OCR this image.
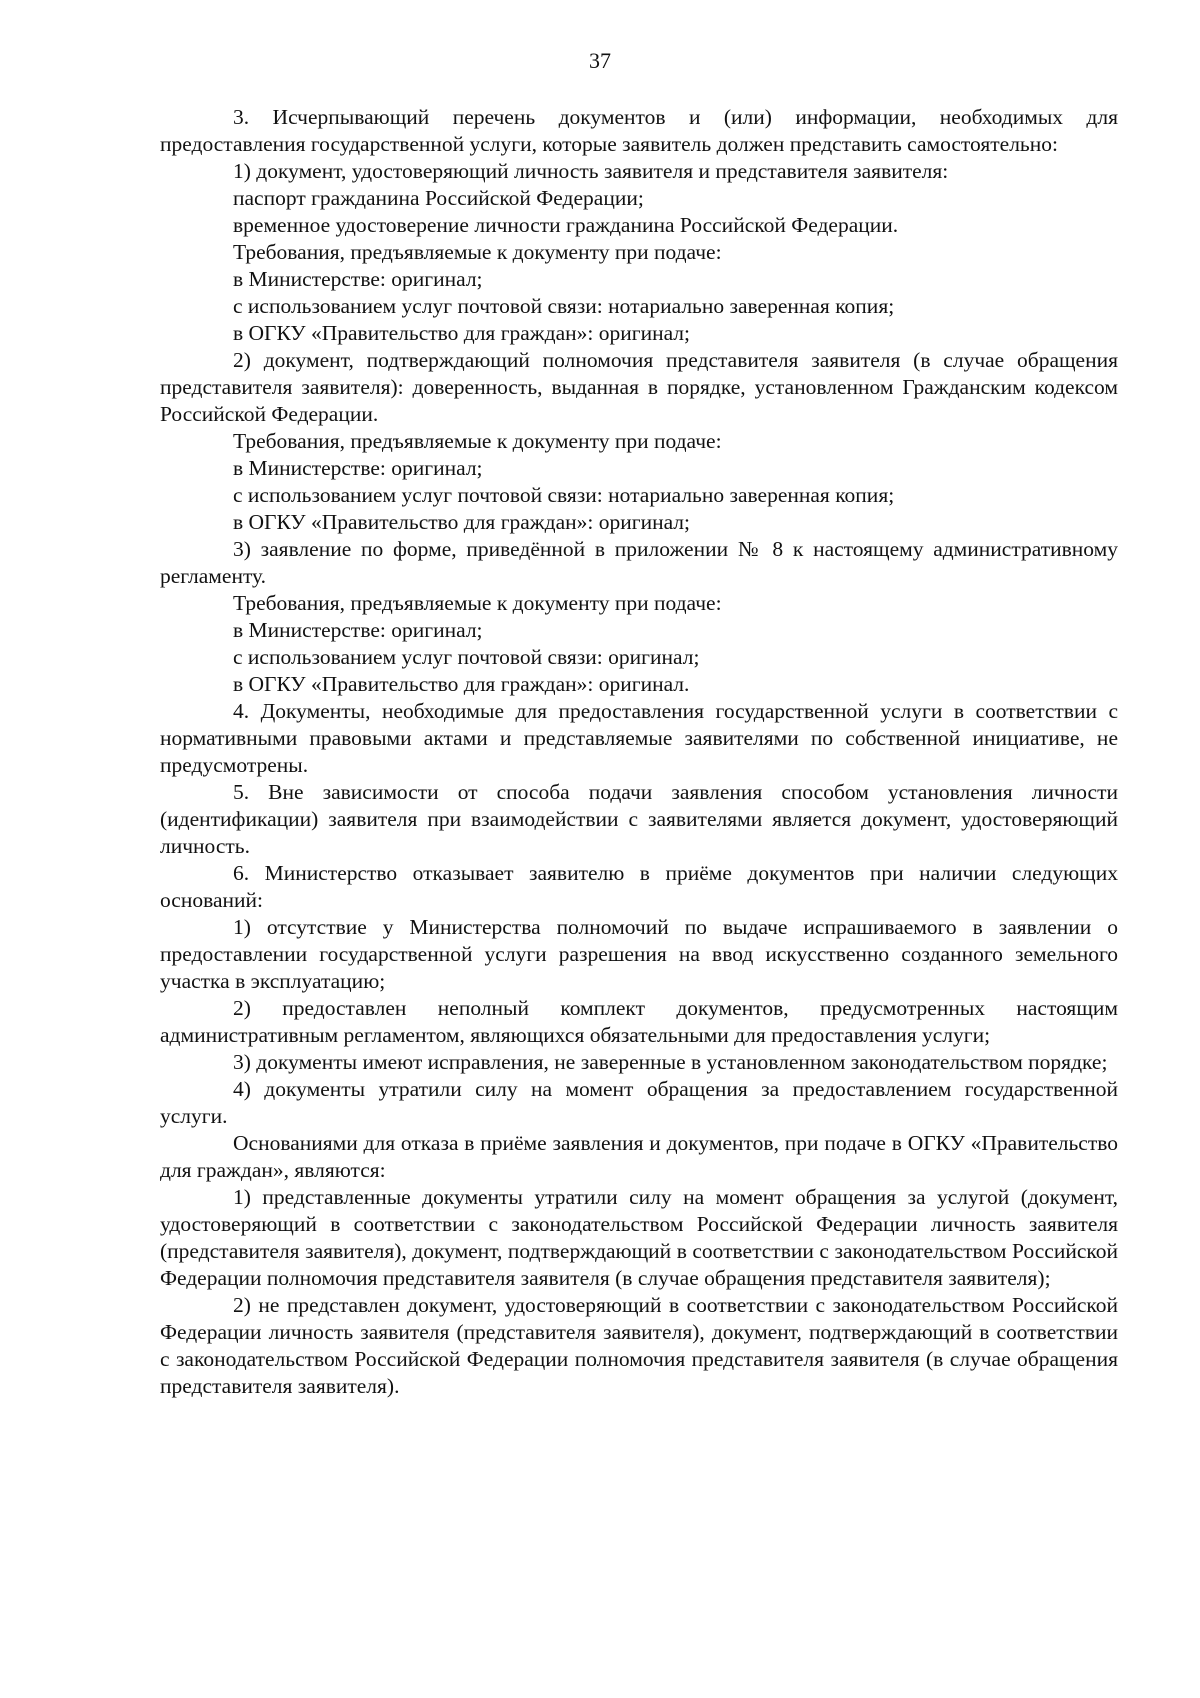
37

3. Исчерпывающий перечень документов и (или) информации, необходимых для предоставления государственной услуги, которые заявитель должен представить самостоятельно:

1) документ, удостоверяющий личность заявителя и представителя заявителя:

паспорт гражданина Российской Федерации;

временное удостоверение личности гражданина Российской Федерации.

Требования, предъявляемые к документу при подаче:

в Министерстве: оригинал;

с использованием услуг почтовой связи: нотариально заверенная копия;

в ОГКУ «Правительство для граждан»: оригинал;

2) документ, подтверждающий полномочия представителя заявителя (в случае обращения представителя заявителя): доверенность, выданная в порядке, установленном Гражданским кодексом Российской Федерации.

Требования, предъявляемые к документу при подаче:

в Министерстве: оригинал;

с использованием услуг почтовой связи: нотариально заверенная копия;

в ОГКУ «Правительство для граждан»: оригинал;

3) заявление по форме, приведённой в приложении № 8 к настоящему административному регламенту.

Требования, предъявляемые к документу при подаче:

в Министерстве: оригинал;

с использованием услуг почтовой связи: оригинал;

в ОГКУ «Правительство для граждан»: оригинал.

4. Документы, необходимые для предоставления государственной услуги в соответствии с нормативными правовыми актами и представляемые заявителями по собственной инициативе, не предусмотрены.

5. Вне зависимости от способа подачи заявления способом установления личности (идентификации) заявителя при взаимодействии с заявителями является документ, удостоверяющий личность.

6. Министерство отказывает заявителю в приёме документов при наличии следующих оснований:

1) отсутствие у Министерства полномочий по выдаче испрашиваемого в заявлении о предоставлении государственной услуги разрешения на ввод искусственно созданного земельного участка в эксплуатацию;

2) предоставлен неполный комплект документов, предусмотренных настоящим административным регламентом, являющихся обязательными для предоставления услуги;

3) документы имеют исправления, не заверенные в установленном законодательством порядке;

4) документы утратили силу на момент обращения за предоставлением государственной услуги.

Основаниями для отказа в приёме заявления и документов, при подаче в ОГКУ «Правительство для граждан», являются:

1) представленные документы утратили силу на момент обращения за услугой (документ, удостоверяющий в соответствии с законодательством Российской Федерации личность заявителя (представителя заявителя), документ, подтверждающий в соответствии с законодательством Российской Федерации полномочия представителя заявителя (в случае обращения представителя заявителя);

2) не представлен документ, удостоверяющий в соответствии с законодательством Российской Федерации личность заявителя (представителя заявителя), документ, подтверждающий в соответствии с законодательством Российской Федерации полномочия представителя заявителя (в случае обращения представителя заявителя).
